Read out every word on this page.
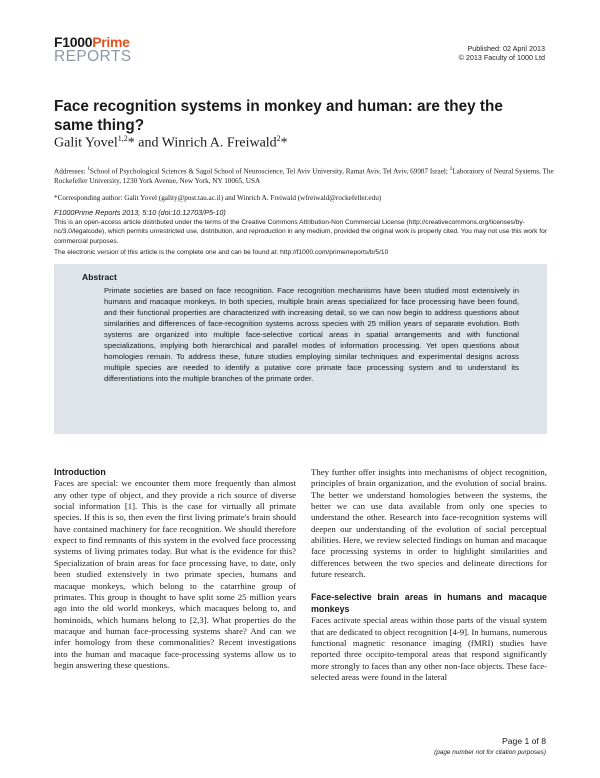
F1000Prime
REPORTS	Published: 02 April 2013
© 2013 Faculty of 1000 Ltd
Face recognition systems in monkey and human: are they the same thing?
Galit Yovel$^{1,2}$* and Winrich A. Freiwald$^2$*
Addresses: $^1$School of Psychological Sciences & Sagol School of Neuroscience, Tel Aviv University, Ramat Aviv, Tel Aviv, 69987 Israel; $^2$Laboratory of Neural Systems, The Rockefeller University, 1230 York Avenue, New York, NY 10065, USA
*Corresponding author: Galit Yovel (gality@post.tau.ac.il) and Winrich A. Freiwald (wfreiwald@rockefeller.edu)
F1000Prime Reports 2013, 5:10 (doi:10.12703/P5-10)
This is an open-access article distributed under the terms of the Creative Commons Attribution-Non Commercial License (http://creativecommons.org/licenses/by-nc/3.0/legalcode), which permits unrestricted use, distribution, and reproduction in any medium, provided the original work is properly cited. You may not use this work for commercial purposes.
The electronic version of this article is the complete one and can be found at: http://f1000.com/prime/reports/b/5/10
Abstract
Primate societies are based on face recognition. Face recognition mechanisms have been studied most extensively in humans and macaque monkeys. In both species, multiple brain areas specialized for face processing have been found, and their functional properties are characterized with increasing detail, so we can now begin to address questions about similarities and differences of face-recognition systems across species with 25 million years of separate evolution. Both systems are organized into multiple face-selective cortical areas in spatial arrangements and with functional specializations, implying both hierarchical and parallel modes of information processing. Yet open questions about homologies remain. To address these, future studies employing similar techniques and experimental designs across multiple species are needed to identify a putative core primate face processing system and to understand its differentiations into the multiple branches of the primate order.
Introduction

Faces are special: we encounter them more frequently than almost any other type of object, and they provide a rich source of diverse social information [1]. This is the case for virtually all primate species. If this is so, then even the first living primate's brain should have contained machinery for face recognition. We should therefore expect to find remnants of this system in the evolved face processing systems of living primates today. But what is the evidence for this? Specialization of brain areas for face processing have, to date, only been studied extensively in two primate species, humans and macaque monkeys, which belong to the catarrhine group of primates. This group is thought to have split some 25 million years ago into the old world monkeys, which macaques belong to, and hominoids, which humans belong to [2,3]. What properties do the macaque and human face-processing systems share? And can we infer homology from these commonalities? Recent investigations into the human and macaque face-processing systems allow us to begin answering these questions.

They further offer insights into mechanisms of object recognition, principles of brain organization, and the evolution of social brains. The better we understand homologies between the systems, the better we can use data available from only one species to understand the other. Research into face-recognition systems will deepen our understanding of the evolution of social perceptual abilities. Here, we review selected findings on human and macaque face processing systems in order to highlight similarities and differences between the two species and delineate directions for future research.

Face-selective brain areas in humans and macaque monkeys

Faces activate special areas within those parts of the visual system that are dedicated to object recognition [4-9]. In humans, numerous functional magnetic resonance imaging (fMRI) studies have reported three occipito-temporal areas that respond significantly more strongly to faces than any other non-face objects. These face-selected areas were found in the lateral

Page 1 of 8
(page number not for citation purposes)
